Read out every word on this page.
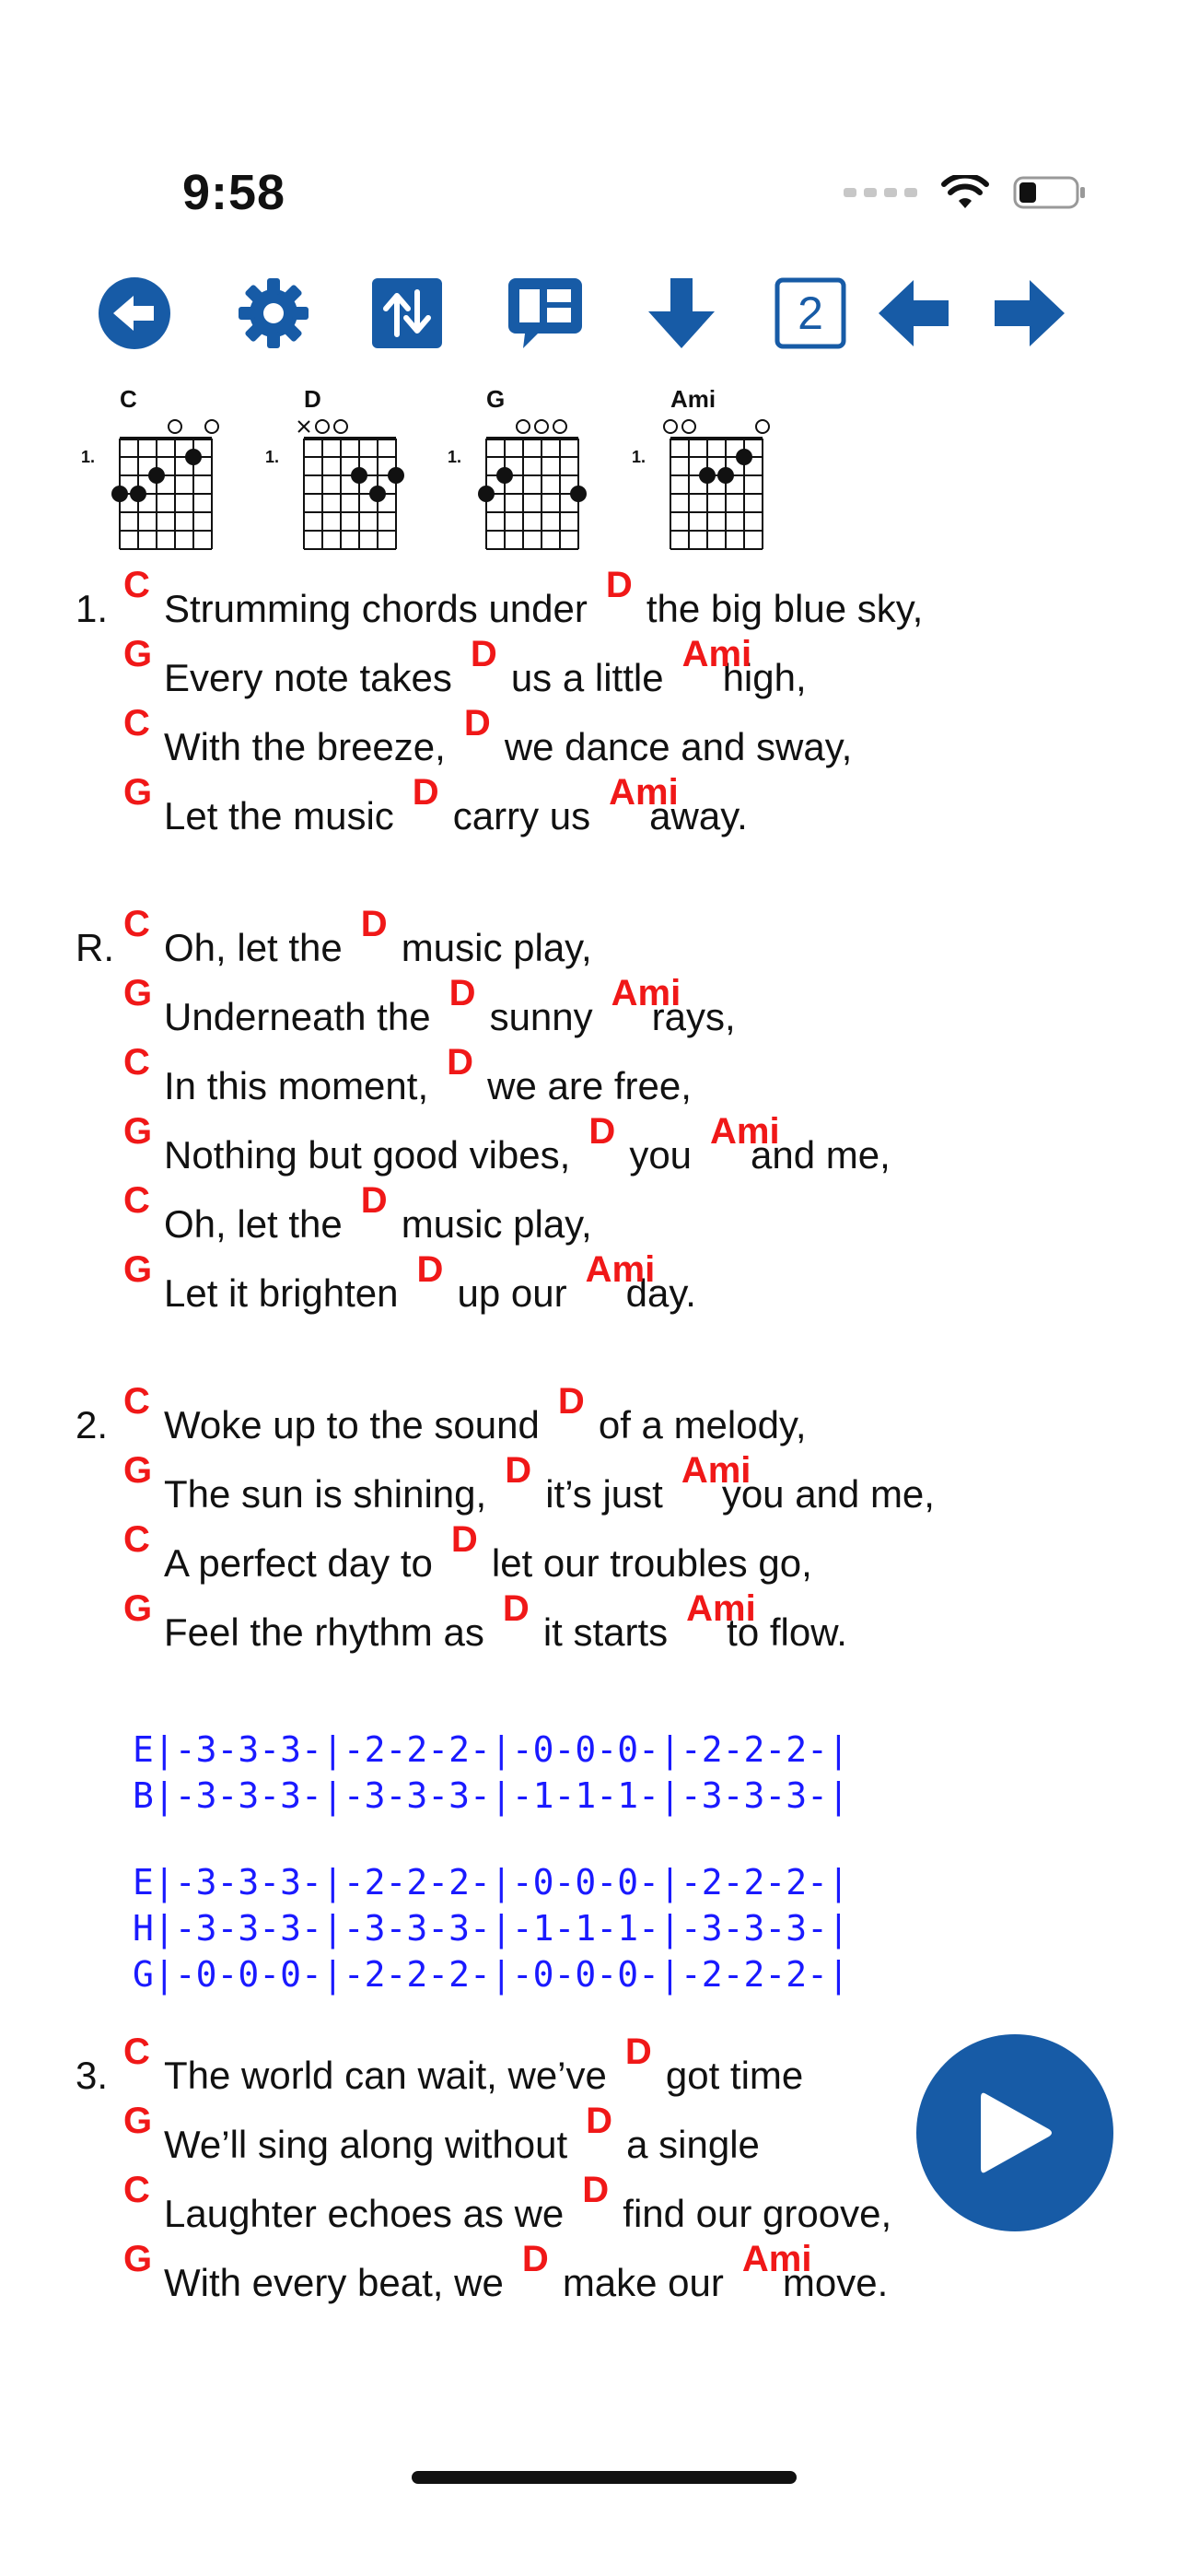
9:58
2
C
1.
D
1.
G
1.
Ami
1.
1.
C
Strumming chords under
D
the big blue sky,
G
Every note takes
D
us a little
Ami
high,
C
With the breeze,
D
we dance and sway,
G
Let the music
D
carry us
Ami
away.
R.
C
Oh, let the
D
music play,
G
Underneath the
D
sunny
Ami
rays,
C
In this moment,
D
we are free,
G
Nothing but good vibes,
D
you
Ami
and me,
C
Oh, let the
D
music play,
G
Let it brighten
D
up our
Ami
day.
2.
C
Woke up to the sound
D
of a melody,
G
The sun is shining,
D
it’s just
Ami
you and me,
C
A perfect day to
D
let our troubles go,
G
Feel the rhythm as
D
it starts
Ami
to flow.
E|-3-3-3-|-2-2-2-|-0-0-0-|-2-2-2-|
B|-3-3-3-|-3-3-3-|-1-1-1-|-3-3-3-|
E|-3-3-3-|-2-2-2-|-0-0-0-|-2-2-2-|
H|-3-3-3-|-3-3-3-|-1-1-1-|-3-3-3-|
G|-0-0-0-|-2-2-2-|-0-0-0-|-2-2-2-|
3.
C
The world can wait, we’ve
D
got time
G
We’ll sing along without
D
a single
C
Laughter echoes as we
D
find our groove,
G
With every beat, we
D
make our
Ami
move.
